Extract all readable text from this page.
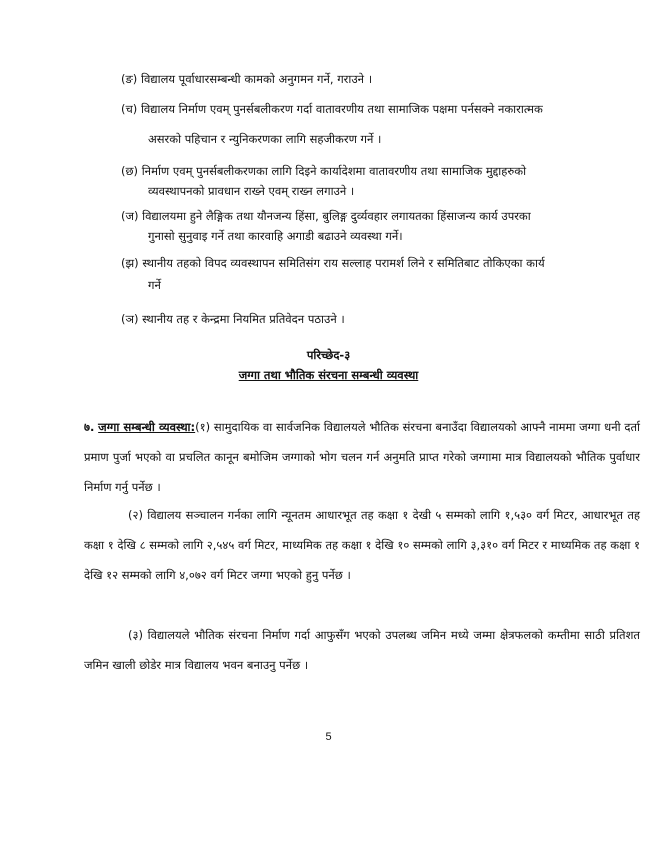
(ङ) विद्यालय पूर्वाधारसम्बन्धी कामको अनुगमन गर्ने, गराउने ।
(च) विद्यालय निर्माण एवम् पुनर्सबलीकरण गर्दा वातावरणीय तथा सामाजिक पक्षमा पर्नसक्ने नकारात्मक
असरको पहिचान र न्युनिकरणका लागि सहजीकरण गर्ने ।
(छ) निर्माण एवम् पुनर्सबलीकरणका लागि दिइने कार्यादेशमा वातावरणीय तथा सामाजिक मुद्दाहरुको
व्यवस्थापनको प्रावधान राख्ने एवम् राख्न लगाउने ।
(ज) विद्यालयमा हुने लैङ्गिक तथा यौनजन्य हिंसा, बुलिङ्ग दुर्व्यवहार लगायतका हिंसाजन्य कार्य उपरका
गुनासो सुनुवाइ गर्ने तथा कारवाहि अगाडी बढाउने व्यवस्था गर्ने।
(झ) स्थानीय तहको विपद व्यवस्थापन समितिसंग राय सल्लाह परामर्श लिने र समितिबाट तोकिएका कार्य
गर्ने
(ञ) स्थानीय तह र केन्द्रमा नियमित प्रतिवेदन पठाउने ।
परिच्छेद-३
जग्गा तथा भौतिक संरचना सम्बन्धी व्यवस्था
७. जग्गा सम्बन्धी व्यवस्था:(१) सामुदायिक वा सार्वजनिक विद्यालयले भौतिक संरचना बनाउँदा विद्यालयको आफ्नै नाममा जग्गा धनी दर्ता प्रमाण पुर्जा भएको वा प्रचलित कानून बमोजिम जग्गाको भोग चलन गर्न अनुमति प्राप्त गरेको जग्गामा मात्र विद्यालयको भौतिक पुर्वाधार निर्माण गर्नु पर्नेछ ।
(२) विद्यालय सञ्चालन गर्नका लागि न्यूनतम आधारभूत तह कक्षा १ देखी ५ सम्मको लागि १,५३० वर्ग मिटर, आधारभूत तह कक्षा १ देखि ८ सम्मको लागि २,५४५ वर्ग मिटर, माध्यमिक तह कक्षा १ देखि १० सम्मको लागि ३,३१० वर्ग मिटर र माध्यमिक तह कक्षा १ देखि १२ सम्मको लागि ४,०७२ वर्ग मिटर जग्गा भएको हुनु पर्नेछ ।
(३) विद्यालयले भौतिक संरचना निर्माण गर्दा आफुसँग भएको उपलब्ध जमिन मध्ये जम्मा क्षेत्रफलको कम्तीमा साठी प्रतिशत जमिन खाली छोडेर मात्र विद्यालय भवन बनाउनु पर्नेछ ।
5
